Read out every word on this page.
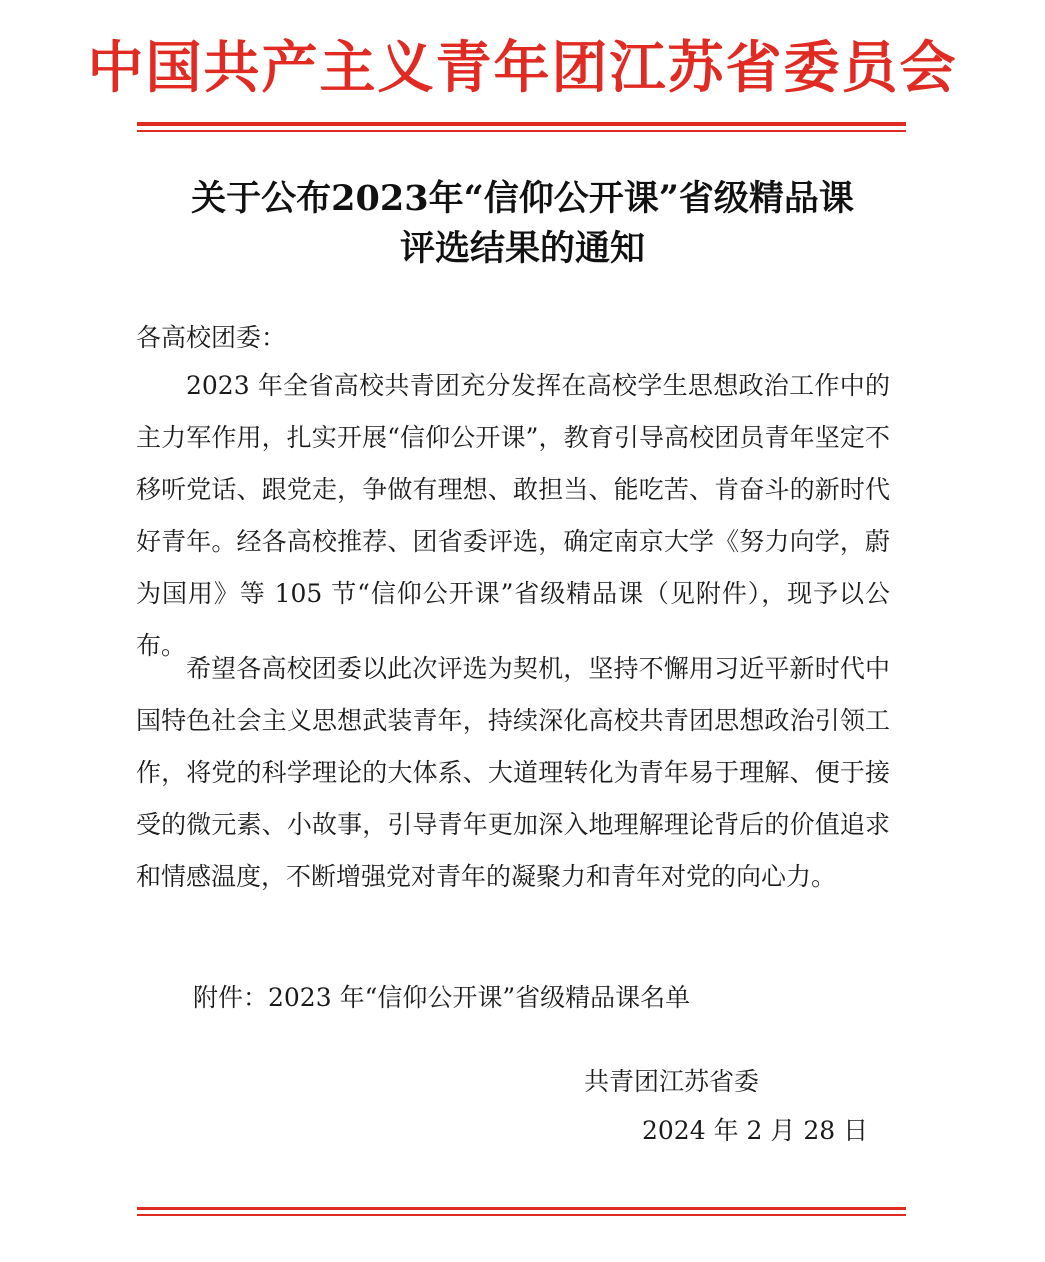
中国共产主义青年团江苏省委员会
关于公布2023年“信仰公开课”省级精品课
评选结果的通知
各高校团委：
2023 年全省高校共青团充分发挥在高校学生思想政治工作中的主力军作用，扎实开展“信仰公开课”，教育引导高校团员青年坚定不移听党话、跟党走，争做有理想、敢担当、能吃苦、肯奋斗的新时代好青年。经各高校推荐、团省委评选，确定南京大学《努力向学，蔚为国用》等 105 节“信仰公开课”省级精品课（见附件），现予以公布。
希望各高校团委以此次评选为契机，坚持不懈用习近平新时代中国特色社会主义思想武装青年，持续深化高校共青团思想政治引领工作，将党的科学理论的大体系、大道理转化为青年易于理解、便于接受的微元素、小故事，引导青年更加深入地理解理论背后的价值追求和情感温度，不断增强党对青年的凝聚力和青年对党的向心力。
附件：2023 年“信仰公开课”省级精品课名单
共青团江苏省委
2024 年 2 月 28 日
